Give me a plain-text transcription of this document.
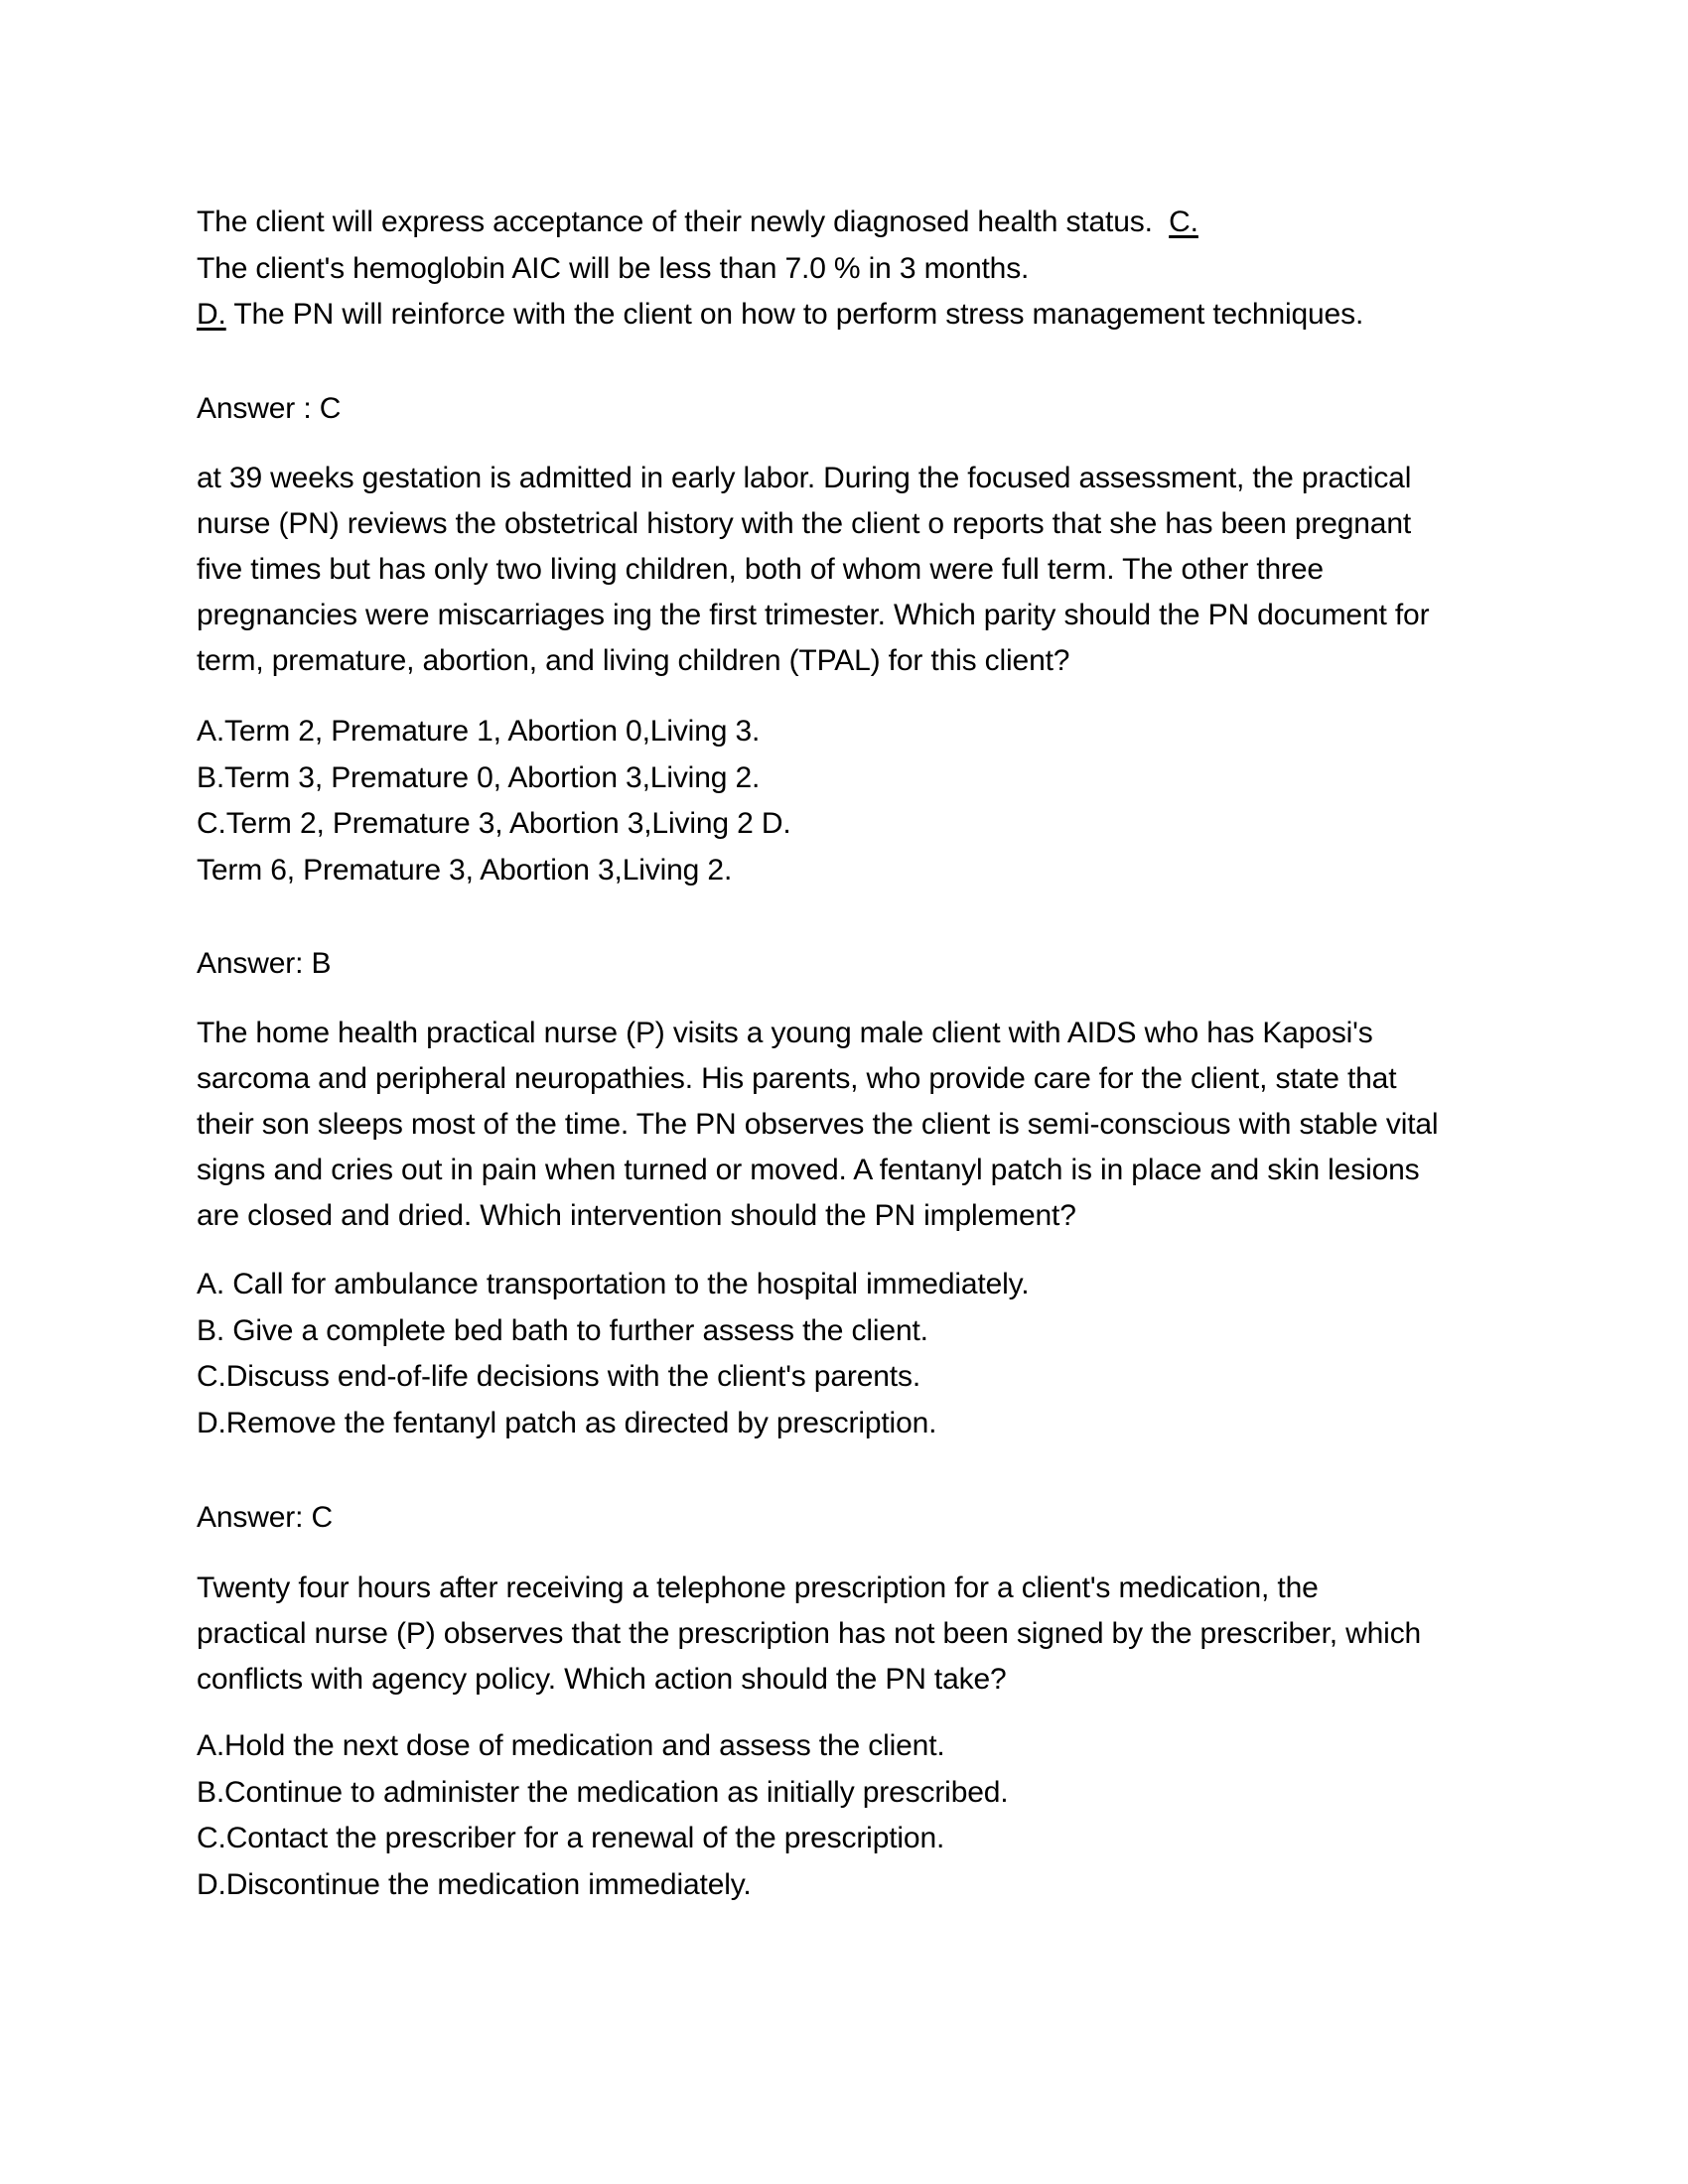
The client will express acceptance of their newly diagnosed health status. C.
The client's hemoglobin AIC will be less than 7.0 % in 3 months.
D. The PN will reinforce with the client on how to perform stress management techniques.
Answer : C
at 39 weeks gestation is admitted in early labor. During the focused assessment, the practical
nurse (PN) reviews the obstetrical history with the client o reports that she has been pregnant
five times but has only two living children, both of whom were full term. The other three
pregnancies were miscarriages ing the first trimester. Which parity should the PN document for
term, premature, abortion, and living children (TPAL) for this client?
A.Term 2, Premature 1, Abortion 0,Living 3.
B.Term 3, Premature 0, Abortion 3,Living 2.
C.Term 2, Premature 3, Abortion 3,Living 2 D.
Term 6, Premature 3, Abortion 3,Living 2.
Answer: B
The home health practical nurse (P) visits a young male client with AIDS who has Kaposi's
sarcoma and peripheral neuropathies. His parents, who provide care for the client, state that
their son sleeps most of the time. The PN observes the client is semi-conscious with stable vital
signs and cries out in pain when turned or moved. A fentanyl patch is in place and skin lesions
are closed and dried. Which intervention should the PN implement?
A. Call for ambulance transportation to the hospital immediately.
B. Give a complete bed bath to further assess the client.
C.Discuss end-of-life decisions with the client's parents.
D.Remove the fentanyl patch as directed by prescription.
Answer: C
Twenty four hours after receiving a telephone prescription for a client's medication, the
practical nurse (P) observes that the prescription has not been signed by the prescriber, which
conflicts with agency policy. Which action should the PN take?
A.Hold the next dose of medication and assess the client.
B.Continue to administer the medication as initially prescribed.
C.Contact the prescriber for a renewal of the prescription.
D.Discontinue the medication immediately.
